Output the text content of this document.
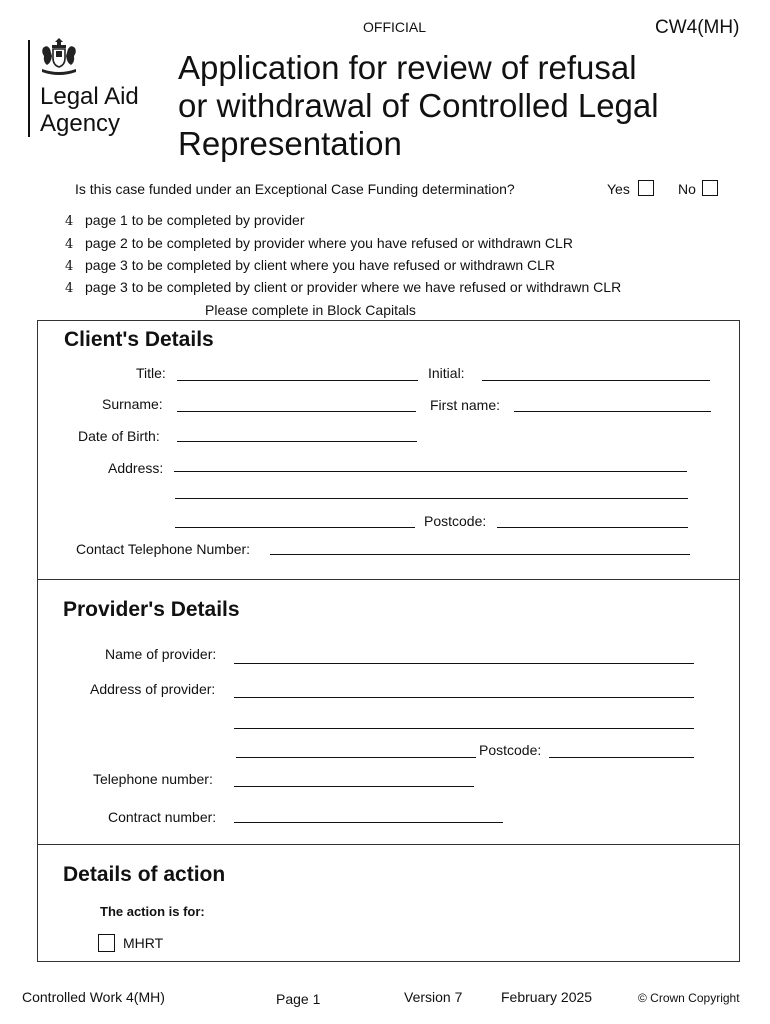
OFFICIAL	CW4(MH)
Legal Aid
Agency
Application for review of refusal
or withdrawal of Controlled Legal
Representation
Is this case funded under an Exceptional Case Funding determination?	Yes	No
4 page 1 to be completed by provider
4 page 2 to be completed by provider where you have refused or withdrawn CLR
4 page 3 to be completed by client where you have refused or withdrawn CLR
4 page 3 to be completed by client or provider where we have refused or withdrawn CLR
Please complete in Block Capitals
Client's Details
Title:	Initial:
Surname:	First name:
Date of Birth:
Address:
Postcode:
Contact Telephone Number:
Provider's Details
Name of provider:
Address of provider:
Postcode:
Telephone number:
Contract number:
Details of action
The action is for:
MHRT
Controlled Work 4(MH)	Page 1	Version 7	February 2025	© Crown Copyright
